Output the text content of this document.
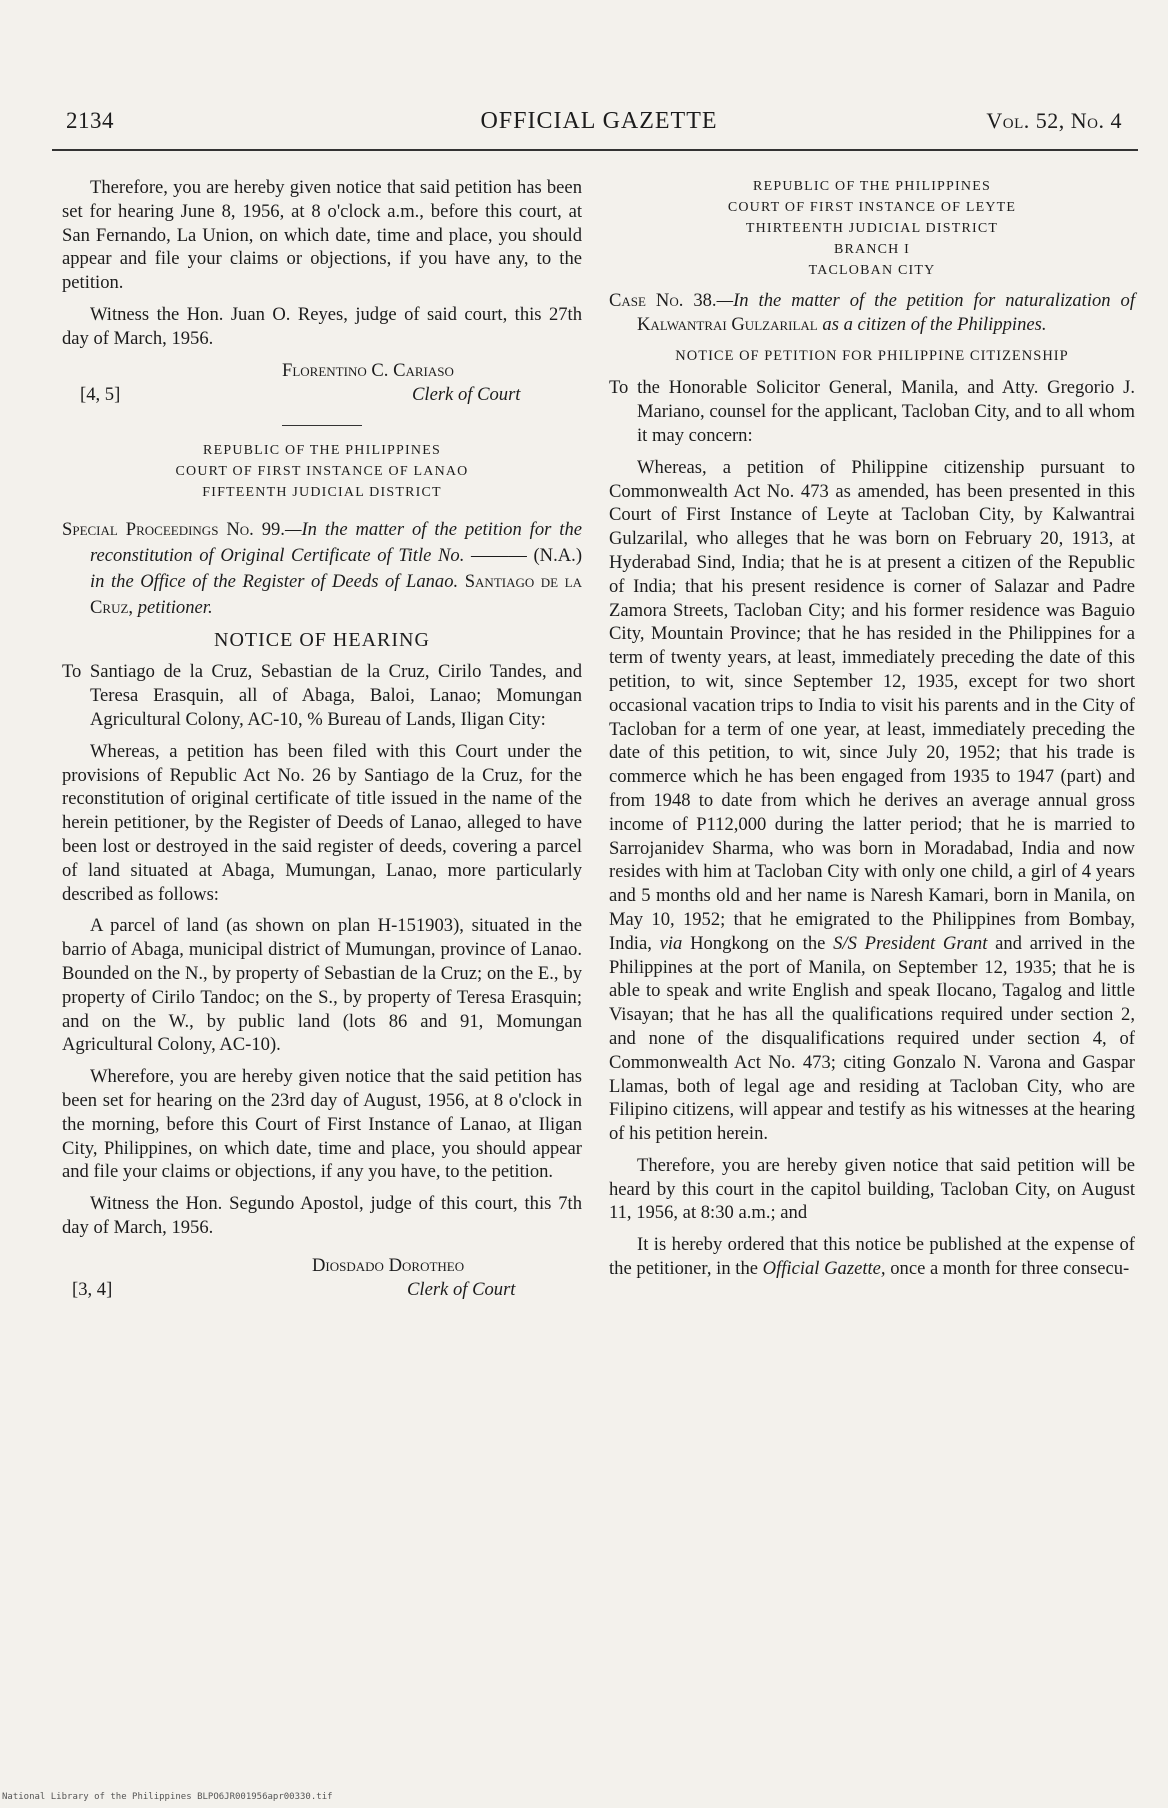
2134	OFFICIAL GAZETTE	Vol. 52, No. 4

Therefore, you are hereby given notice that said petition has been set for hearing June 8, 1956, at 8 o'clock a.m., before this court, at San Fernando, La Union, on which date, time and place, you should appear and file your claims or objections, if you have any, to the petition.

Witness the Hon. Juan O. Reyes, judge of said court, this 27th day of March, 1956.

Florentino C. Cariaso
Clerk of Court
[4, 5]
REPUBLIC OF THE PHILIPPINES
COURT OF FIRST INSTANCE OF LANAO
FIFTEENTH JUDICIAL DISTRICT

Special Proceedings No. 99.—In the matter of the petition for the reconstitution of Original Certificate of Title No. ——— (N.A.) in the Office of the Register of Deeds of Lanao. Santiago de la Cruz, petitioner.

NOTICE OF HEARING

To Santiago de la Cruz, Sebastian de la Cruz, Cirilo Tandes, and Teresa Erasquin, all of Abaga, Baloi, Lanao; Momungan Agricultural Colony, AC-10, % Bureau of Lands, Iligan City:

Whereas, a petition has been filed with this Court under the provisions of Republic Act No. 26 by Santiago de la Cruz, for the reconstitution of original certificate of title issued in the name of the herein petitioner, by the Register of Deeds of Lanao, alleged to have been lost or destroyed in the said register of deeds, covering a parcel of land situated at Abaga, Mumungan, Lanao, more particularly described as follows:

A parcel of land (as shown on plan H-151903), situated in the barrio of Abaga, municipal district of Mumungan, province of Lanao. Bounded on the N., by property of Sebastian de la Cruz; on the E., by property of Cirilo Tandoc; on the S., by property of Teresa Erasquin; and on the W., by public land (lots 86 and 91, Momungan Agricultural Colony, AC-10).

Wherefore, you are hereby given notice that the said petition has been set for hearing on the 23rd day of August, 1956, at 8 o'clock in the morning, before this Court of First Instance of Lanao, at Iligan City, Philippines, on which date, time and place, you should appear and file your claims or objections, if any you have, to the petition.

Witness the Hon. Segundo Apostol, judge of this court, this 7th day of March, 1956.

Diosdado Dorotheo
Clerk of Court
[3, 4]
REPUBLIC OF THE PHILIPPINES
COURT OF FIRST INSTANCE OF LEYTE
THIRTEENTH JUDICIAL DISTRICT
BRANCH I
TACLOBAN CITY

Case No. 38.—In the matter of the petition for naturalization of Kalwantrai Gulzarilal as a citizen of the Philippines.

NOTICE OF PETITION FOR PHILIPPINE CITIZENSHIP

To the Honorable Solicitor General, Manila, and Atty. Gregorio J. Mariano, counsel for the applicant, Tacloban City, and to all whom it may concern:

Whereas, a petition of Philippine citizenship pursuant to Commonwealth Act No. 473 as amended, has been presented in this Court of First Instance of Leyte at Tacloban City, by Kalwantrai Gulzarilal, who alleges that he was born on February 20, 1913, at Hyderabad Sind, India; that he is at present a citizen of the Republic of India; that his present residence is corner of Salazar and Padre Zamora Streets, Tacloban City; and his former residence was Baguio City, Mountain Province; that he has resided in the Philippines for a term of twenty years, at least, immediately preceding the date of this petition, to wit, since September 12, 1935, except for two short occasional vacation trips to India to visit his parents and in the City of Tacloban for a term of one year, at least, immediately preceding the date of this petition, to wit, since July 20, 1952; that his trade is commerce which he has been engaged from 1935 to 1947 (part) and from 1948 to date from which he derives an average annual gross income of P112,000 during the latter period; that he is married to Sarrojanidev Sharma, who was born in Moradabad, India and now resides with him at Tacloban City with only one child, a girl of 4 years and 5 months old and her name is Naresh Kamari, born in Manila, on May 10, 1952; that he emigrated to the Philippines from Bombay, India, via Hongkong on the S/S President Grant and arrived in the Philippines at the port of Manila, on September 12, 1935; that he is able to speak and write English and speak Ilocano, Tagalog and little Visayan; that he has all the qualifications required under section 2, and none of the disqualifications required under section 4, of Commonwealth Act No. 473; citing Gonzalo N. Varona and Gaspar Llamas, both of legal age and residing at Tacloban City, who are Filipino citizens, will appear and testify as his witnesses at the hearing of his petition herein.

Therefore, you are hereby given notice that said petition will be heard by this court in the capitol building, Tacloban City, on August 11, 1956, at 8:30 a.m.; and

It is hereby ordered that this notice be published at the expense of the petitioner, in the Official Gazette, once a month for three consecu-

National Library of the Philippines BLPO6JR001956apr00330.tif
